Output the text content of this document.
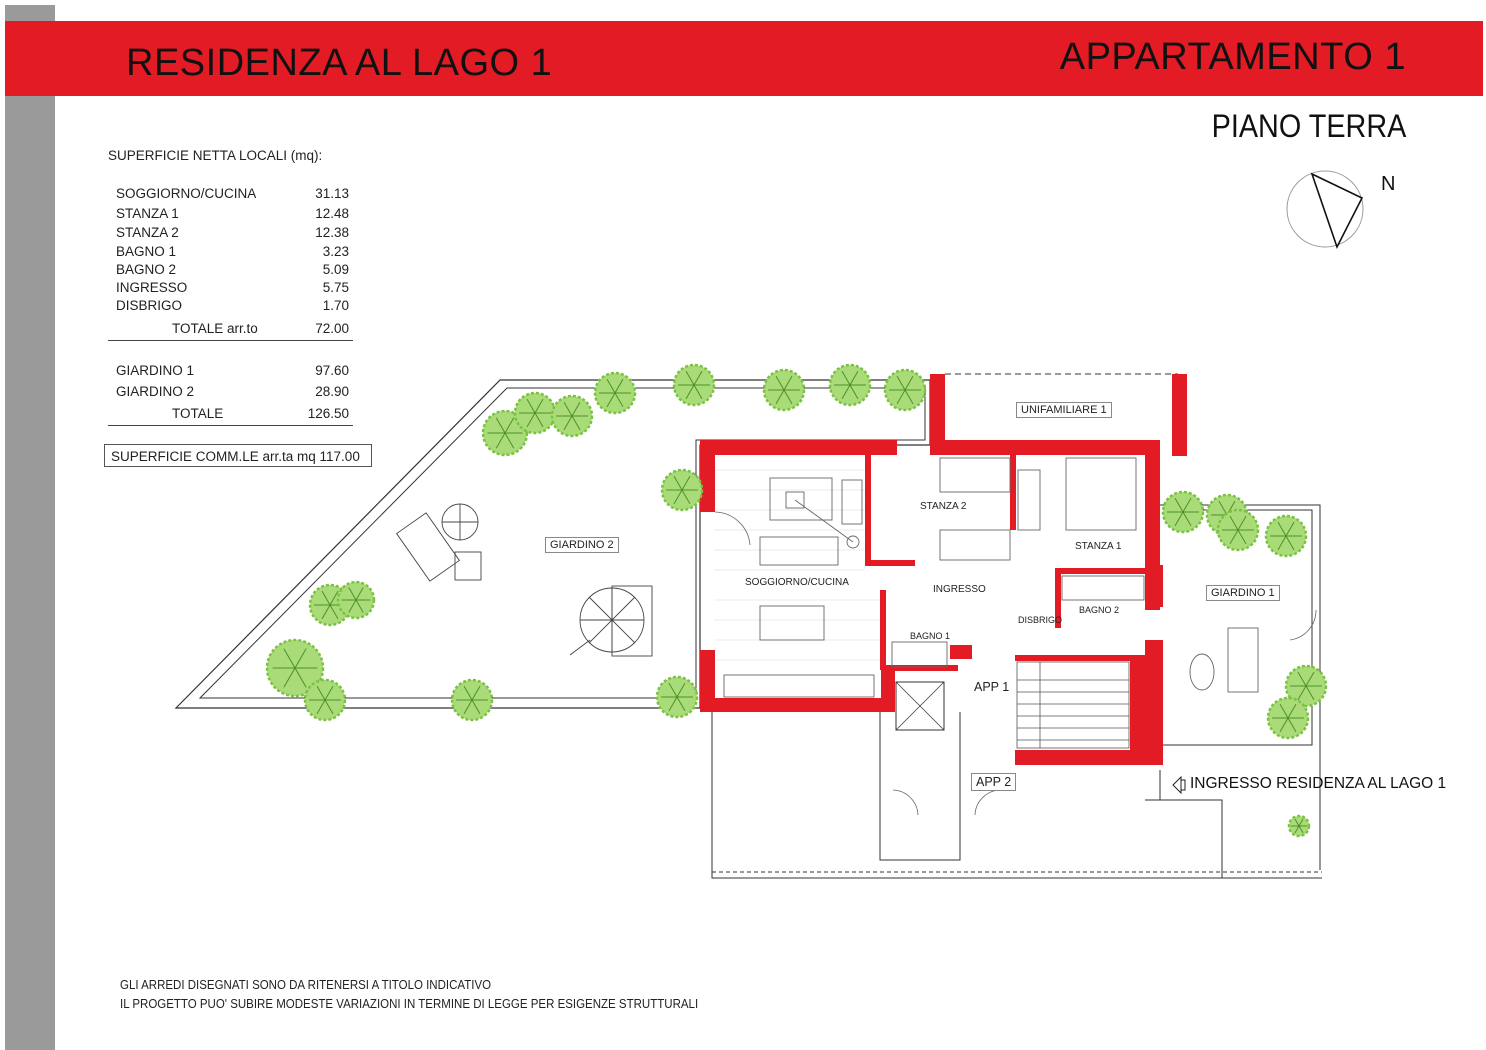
RESIDENZA AL LAGO 1	APPARTAMENTO 1
PIANO TERRA
N
SUPERFICIE NETTA LOCALI (mq):
SOGGIORNO/CUCINA	31.13
STANZA 1	12.48
STANZA 2	12.38
BAGNO 1	3.23
BAGNO 2	5.09
INGRESSO	5.75
DISBRIGO	1.70
TOTALE arr.to	72.00
GIARDINO 1	97.60
GIARDINO 2	28.90
TOTALE	126.50
SUPERFICIE COMM.LE arr.ta mq 117.00
UNIFAMILIARE 1
GIARDINO 2
GIARDINO 1
SOGGIORNO/CUCINA
STANZA 2
STANZA 1
INGRESSO
DISBRIGO
BAGNO 1
BAGNO 2
APP 1
APP 2	INGRESSO RESIDENZA AL LAGO 1
GLI ARREDI DISEGNATI SONO DA RITENERSI A TITOLO INDICATIVO
IL PROGETTO PUO' SUBIRE MODESTE VARIAZIONI IN TERMINE DI LEGGE PER ESIGENZE STRUTTURALI
